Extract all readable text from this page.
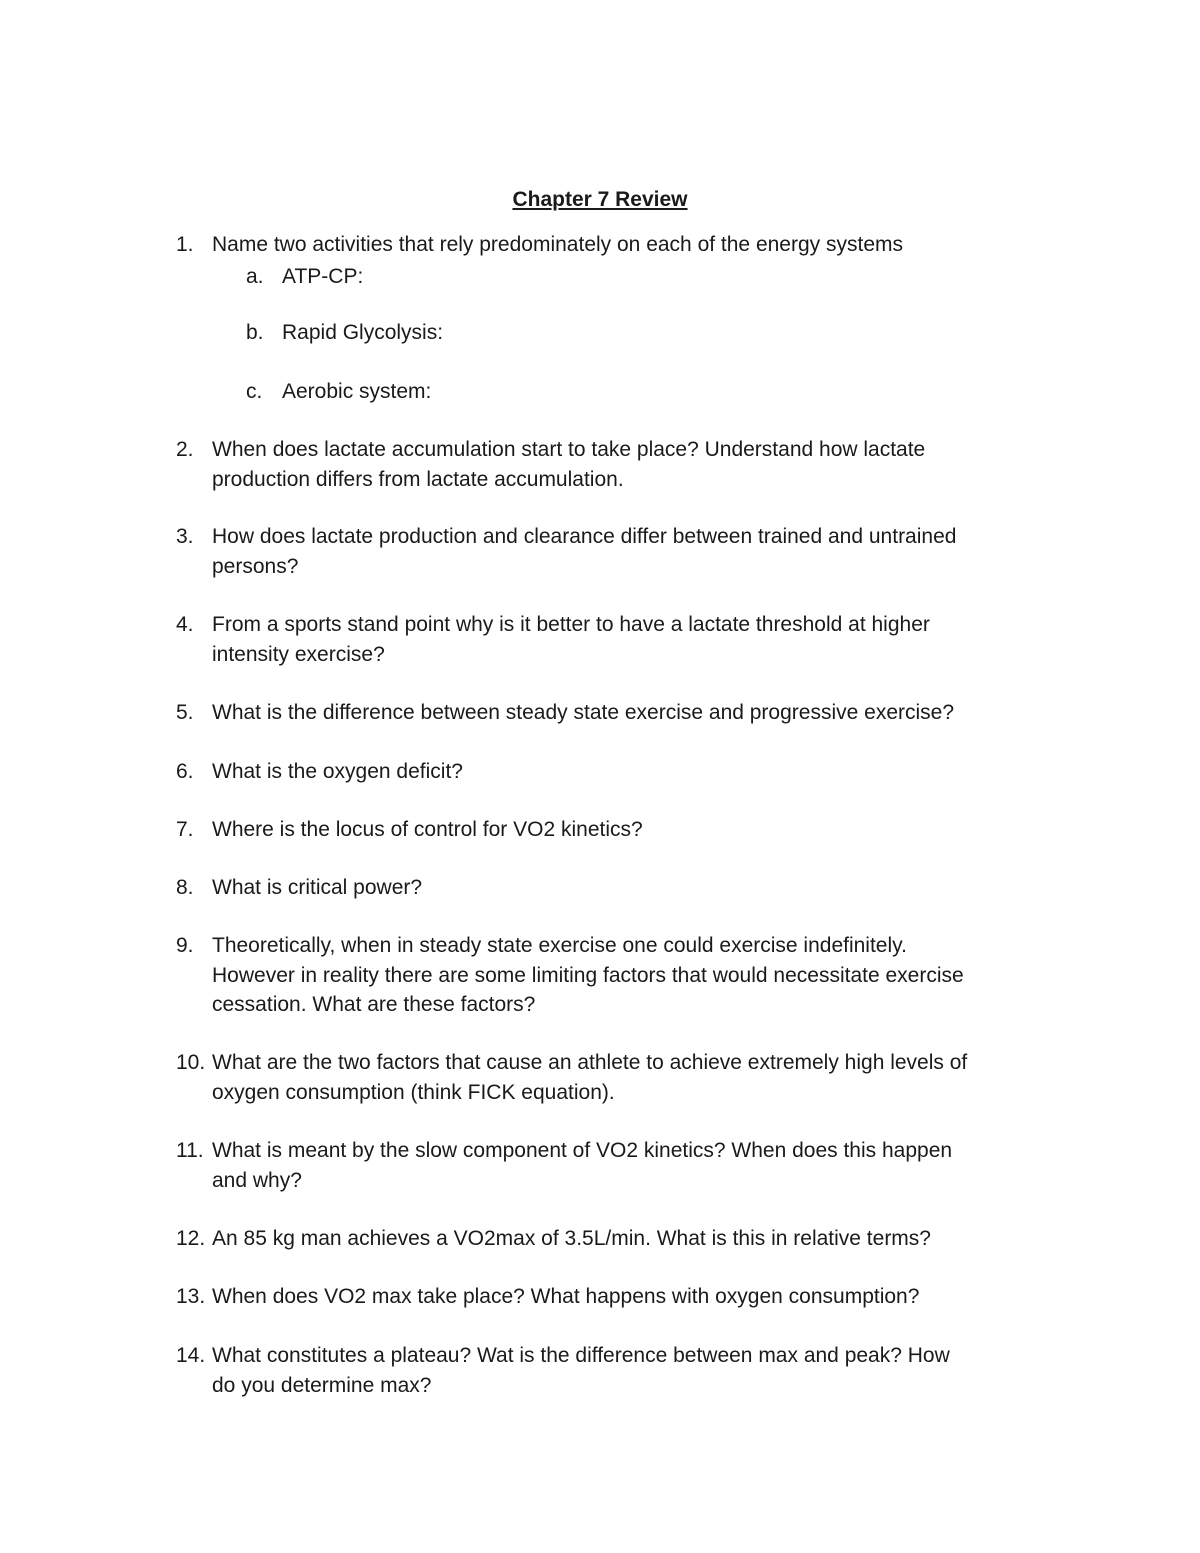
Chapter 7 Review
1. Name two activities that rely predominately on each of the energy systems
a. ATP-CP:
b. Rapid Glycolysis:
c. Aerobic system:
2. When does lactate accumulation start to take place? Understand how lactate
production differs from lactate accumulation.
3. How does lactate production and clearance differ between trained and untrained
persons?
4. From a sports stand point why is it better to have a lactate threshold at higher
intensity exercise?
5. What is the difference between steady state exercise and progressive exercise?
6. What is the oxygen deficit?
7. Where is the locus of control for VO2 kinetics?
8. What is critical power?
9. Theoretically, when in steady state exercise one could exercise indefinitely.
However in reality there are some limiting factors that would necessitate exercise
cessation. What are these factors?
10. What are the two factors that cause an athlete to achieve extremely high levels of
oxygen consumption (think FICK equation).
11. What is meant by the slow component of VO2 kinetics? When does this happen
and why?
12. An 85 kg man achieves a VO2max of 3.5L/min. What is this in relative terms?
13. When does VO2 max take place? What happens with oxygen consumption?
14. What constitutes a plateau? Wat is the difference between max and peak? How
do you determine max?
